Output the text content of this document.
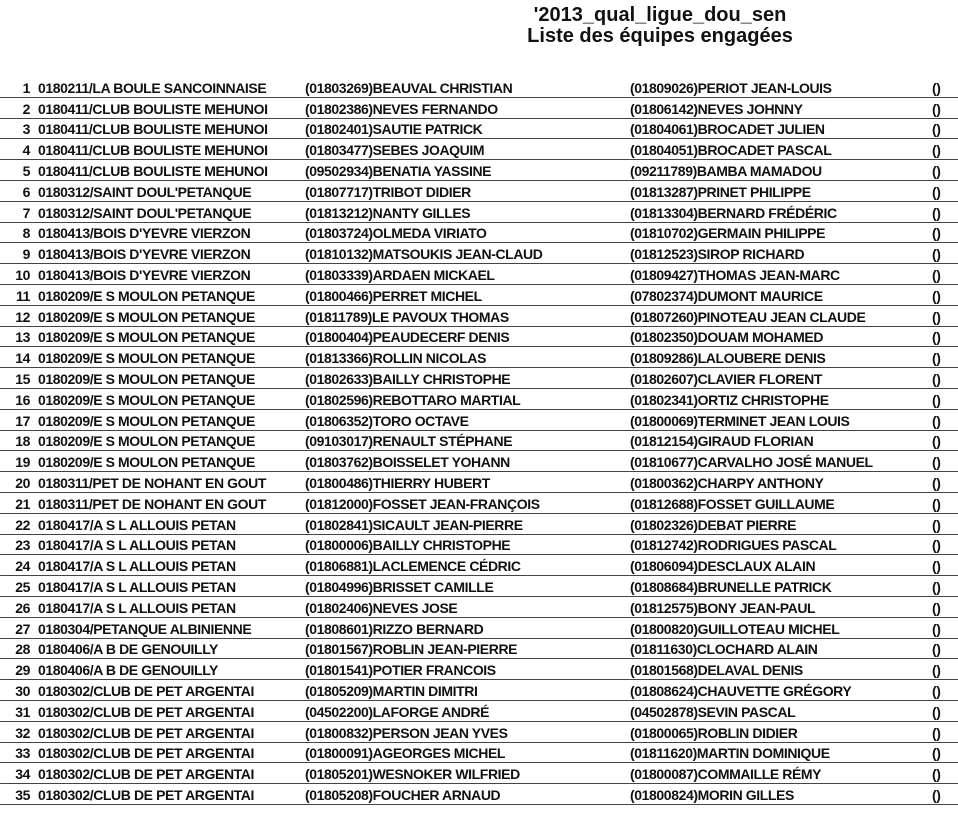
'2013_qual_ligue_dou_sen
Liste des équipes engagées
1 0180211/LA BOULE SANCOINNAISE	(01803269)BEAUVAL CHRISTIAN	(01809026)PERIOT JEAN-LOUIS	()
2 0180411/CLUB BOULISTE MEHUNOI	(01802386)NEVES FERNANDO	(01806142)NEVES JOHNNY	()
3 0180411/CLUB BOULISTE MEHUNOI	(01802401)SAUTIE PATRICK	(01804061)BROCADET JULIEN	()
4 0180411/CLUB BOULISTE MEHUNOI	(01803477)SEBES JOAQUIM	(01804051)BROCADET PASCAL	()
5 0180411/CLUB BOULISTE MEHUNOI	(09502934)BENATIA YASSINE	(09211789)BAMBA MAMADOU	()
6 0180312/SAINT DOUL'PETANQUE	(01807717)TRIBOT DIDIER	(01813287)PRINET PHILIPPE	()
7 0180312/SAINT DOUL'PETANQUE	(01813212)NANTY GILLES	(01813304)BERNARD FRÉDÉRIC	()
8 0180413/BOIS D'YEVRE VIERZON	(01803724)OLMEDA VIRIATO	(01810702)GERMAIN PHILIPPE	()
9 0180413/BOIS D'YEVRE VIERZON	(01810132)MATSOUKIS JEAN-CLAUD	(01812523)SIROP RICHARD	()
10 0180413/BOIS D'YEVRE VIERZON	(01803339)ARDAEN MICKAEL	(01809427)THOMAS JEAN-MARC	()
11 0180209/E S MOULON PETANQUE	(01800466)PERRET MICHEL	(07802374)DUMONT MAURICE	()
12 0180209/E S MOULON PETANQUE	(01811789)LE PAVOUX THOMAS	(01807260)PINOTEAU JEAN CLAUDE	()
13 0180209/E S MOULON PETANQUE	(01800404)PEAUDECERF DENIS	(01802350)DOUAM MOHAMED	()
14 0180209/E S MOULON PETANQUE	(01813366)ROLLIN NICOLAS	(01809286)LALOUBERE DENIS	()
15 0180209/E S MOULON PETANQUE	(01802633)BAILLY CHRISTOPHE	(01802607)CLAVIER FLORENT	()
16 0180209/E S MOULON PETANQUE	(01802596)REBOTTARO MARTIAL	(01802341)ORTIZ CHRISTOPHE	()
17 0180209/E S MOULON PETANQUE	(01806352)TORO OCTAVE	(01800069)TERMINET JEAN LOUIS	()
18 0180209/E S MOULON PETANQUE	(09103017)RENAULT STÉPHANE	(01812154)GIRAUD FLORIAN	()
19 0180209/E S MOULON PETANQUE	(01803762)BOISSELET YOHANN	(01810677)CARVALHO JOSÉ MANUEL	()
20 0180311/PET DE NOHANT EN GOUT	(01800486)THIERRY HUBERT	(01800362)CHARPY ANTHONY	()
21 0180311/PET DE NOHANT EN GOUT	(01812000)FOSSET JEAN-FRANÇOIS	(01812688)FOSSET GUILLAUME	()
22 0180417/A S L ALLOUIS PETAN	(01802841)SICAULT JEAN-PIERRE	(01802326)DEBAT PIERRE	()
23 0180417/A S L ALLOUIS PETAN	(01800006)BAILLY CHRISTOPHE	(01812742)RODRIGUES PASCAL	()
24 0180417/A S L ALLOUIS PETAN	(01806881)LACLEMENCE CÉDRIC	(01806094)DESCLAUX ALAIN	()
25 0180417/A S L ALLOUIS PETAN	(01804996)BRISSET CAMILLE	(01808684)BRUNELLE PATRICK	()
26 0180417/A S L ALLOUIS PETAN	(01802406)NEVES JOSE	(01812575)BONY JEAN-PAUL	()
27 0180304/PETANQUE ALBINIENNE	(01808601)RIZZO BERNARD	(01800820)GUILLOTEAU MICHEL	()
28 0180406/A B DE GENOUILLY	(01801567)ROBLIN JEAN-PIERRE	(01811630)CLOCHARD ALAIN	()
29 0180406/A B DE GENOUILLY	(01801541)POTIER FRANCOIS	(01801568)DELAVAL DENIS	()
30 0180302/CLUB DE PET ARGENTAI	(01805209)MARTIN DIMITRI	(01808624)CHAUVETTE GRÉGORY	()
31 0180302/CLUB DE PET ARGENTAI	(04502200)LAFORGE ANDRÉ	(04502878)SEVIN PASCAL	()
32 0180302/CLUB DE PET ARGENTAI	(01800832)PERSON JEAN YVES	(01800065)ROBLIN DIDIER	()
33 0180302/CLUB DE PET ARGENTAI	(01800091)AGEORGES MICHEL	(01811620)MARTIN DOMINIQUE	()
34 0180302/CLUB DE PET ARGENTAI	(01805201)WESNOKER WILFRIED	(01800087)COMMAILLE RÉMY	()
35 0180302/CLUB DE PET ARGENTAI	(01805208)FOUCHER ARNAUD	(01800824)MORIN GILLES	()
